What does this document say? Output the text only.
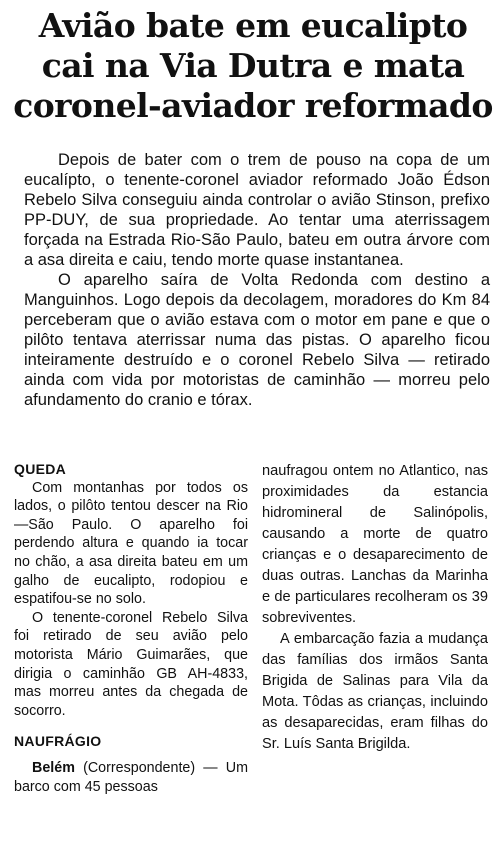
Avião bate em eucalipto
cai na Via Dutra e mata
coronel-aviador reformado

Depois de bater com o trem de pouso na copa de um eucalípto, o tenente-coronel aviador reformado João Édson Rebelo Silva conseguiu ainda controlar o avião Stinson, prefixo PP-DUY, de sua propriedade. Ao tentar uma aterrissagem forçada na Estrada Rio-São Paulo, bateu em outra árvore com a asa direita e caiu, tendo morte quase instantanea.

O aparelho saíra de Volta Redonda com destino a Manguinhos. Logo depois da decolagem, moradores do Km 84 perceberam que o avião estava com o motor em pane e que o pilôto tentava aterrissar numa das pistas. O aparelho ficou inteiramente destruído e o coronel Rebelo Silva — retirado ainda com vida por motoristas de caminhão — morreu pelo afundamento do cranio e tórax.

QUEDA

Com montanhas por todos os lados, o pilôto tentou descer na Rio—São Paulo. O aparelho foi perdendo altura e quando ia tocar no chão, a asa direita bateu em um galho de eucalipto, rodopiou e espatifou-se no solo.

O tenente-coronel Rebelo Silva foi retirado de seu avião pelo motorista Mário Guimarães, que dirigia o caminhão GB AH-4833, mas morreu antes da chegada de socorro.

NAUFRÁGIO

Belém (Correspondente) — Um barco com 45 pessoas

naufragou ontem no Atlantico, nas proximidades da estancia hidromineral de Salinópolis, causando a morte de quatro crianças e o desaparecimento de duas outras. Lanchas da Marinha e de particulares recolheram os 39 sobreviventes.

A embarcação fazia a mudança das famílias dos irmãos Santa Brigida de Salinas para Vila da Mota. Tôdas as crianças, incluindo as desaparecidas, eram filhas do Sr. Luís Santa Brigilda.
